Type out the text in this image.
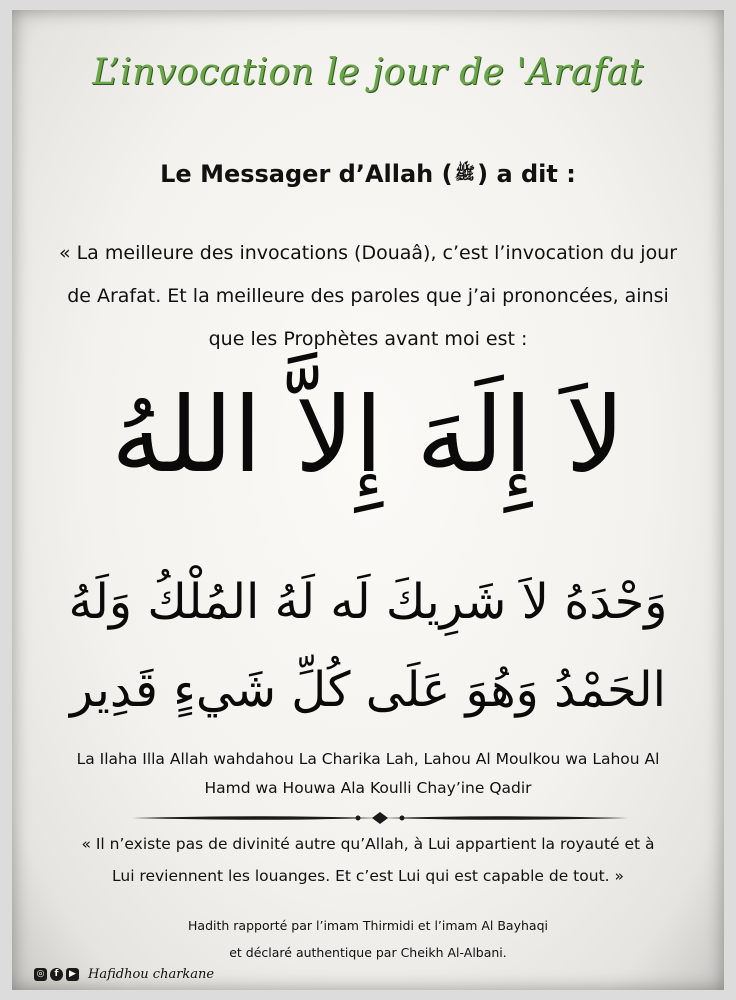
L’invocation le jour de 'Arafat
Le Messager d’Allah ( ﷺ) a dit :
« La meilleure des invocations (Douaâ), c’est l’invocation du jour de Arafat. Et la meilleure des paroles que j’ai prononcées, ainsi que les Prophètes avant moi est :
لاَ إِلَهَ إِلاَّ اللهُ
وَحْدَهُ لاَ شَرِيكَ لَه لَهُ المُلْكُ وَلَهُ
الحَمْدُ وَهُوَ عَلَى كُلِّ شَيءٍ قَدِير
La Ilaha Illa Allah wahdahou La Charika Lah, Lahou Al Moulkou wa Lahou Al Hamd wa Houwa Ala Koulli Chay’ine Qadir
« Il n’existe pas de divinité autre qu’Allah, à Lui appartient la royauté et à Lui reviennent les louanges. Et c’est Lui qui est capable de tout. »
Hadith rapporté par l’imam Thirmidi et l’imam Al Bayhaqi et déclaré authentique par Cheikh Al-Albani.
◎	f	▶ Hafidhou charkane
